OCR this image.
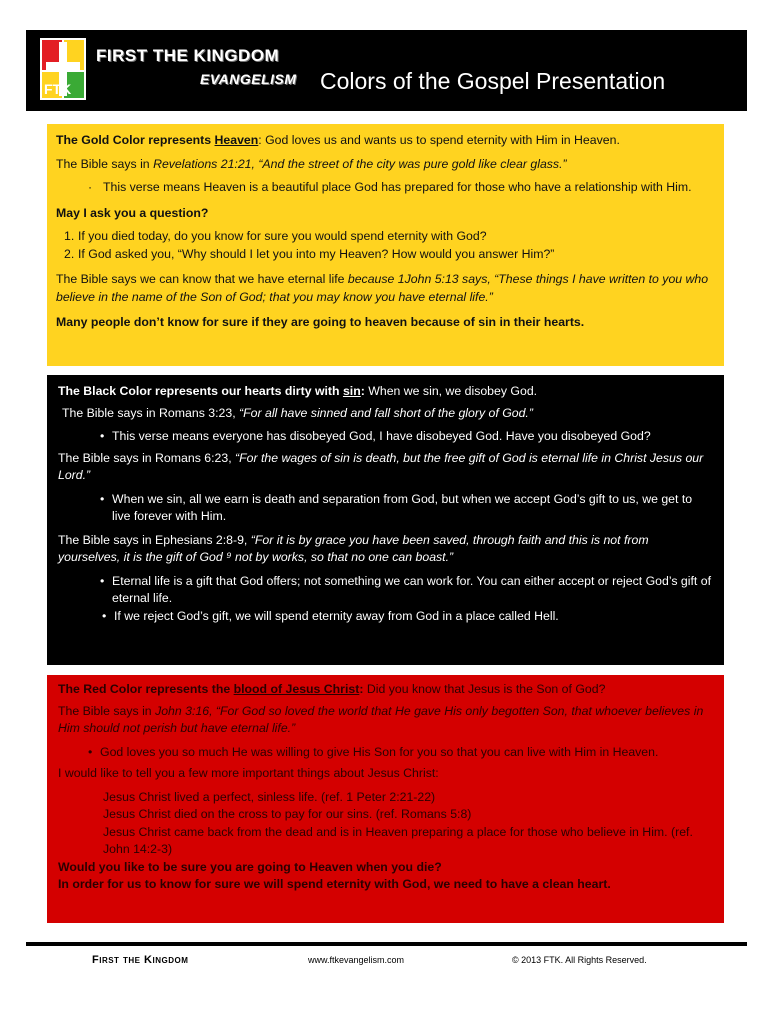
FTK
FIRST THE KINGDOM
EVANGELISM Colors of the Gospel Presentation

The Gold Color represents Heaven: God loves us and wants us to spend eternity with Him in Heaven.

The Bible says in Revelations 21:21, “And the street of the city was pure gold like clear glass.”

· This verse means Heaven is a beautiful place God has prepared for those who have a relationship with Him.

May I ask you a question?

1. If you died today, do you know for sure you would spend eternity with God?
2. If God asked you, “Why should I let you into my Heaven? How would you answer Him?”

The Bible says we can know that we have eternal life because 1John 5:13 says, “These things I have written to you who believe in the name of the Son of God; that you may know you have eternal life.”

Many people don’t know for sure if they are going to heaven because of sin in their hearts.

The Black Color represents our hearts dirty with sin: When we sin, we disobey God.

The Bible says in Romans 3:23, “For all have sinned and fall short of the glory of God.”

• This verse means everyone has disobeyed God, I have disobeyed God. Have you disobeyed God?

The Bible says in Romans 6:23, “For the wages of sin is death, but the free gift of God is eternal life in Christ Jesus our Lord.”

• When we sin, all we earn is death and separation from God, but when we accept God’s gift to us, we get to live forever with Him.

The Bible says in Ephesians 2:8-9, “For it is by grace you have been saved, through faith and this is not from yourselves, it is the gift of God ⁹ not by works, so that no one can boast.”

• Eternal life is a gift that God offers; not something we can work for. You can either accept or reject God’s gift of eternal life.
• If we reject God’s gift, we will spend eternity away from God in a place called Hell.

The Red Color represents the blood of Jesus Christ: Did you know that Jesus is the Son of God?

The Bible says in John 3:16, “For God so loved the world that He gave His only begotten Son, that whoever believes in Him should not perish but have eternal life.”

• God loves you so much He was willing to give His Son for you so that you can live with Him in Heaven.

I would like to tell you a few more important things about Jesus Christ:

Jesus Christ lived a perfect, sinless life. (ref. 1 Peter 2:21-22)

Jesus Christ died on the cross to pay for our sins. (ref. Romans 5:8)

Jesus Christ came back from the dead and is in Heaven preparing a place for those who believe in Him. (ref. John 14:2-3)

Would you like to be sure you are going to Heaven when you die?

In order for us to know for sure we will spend eternity with God, we need to have a clean heart.

First the Kingdom	www.ftkevangelism.com	© 2013 FTK. All Rights Reserved.
